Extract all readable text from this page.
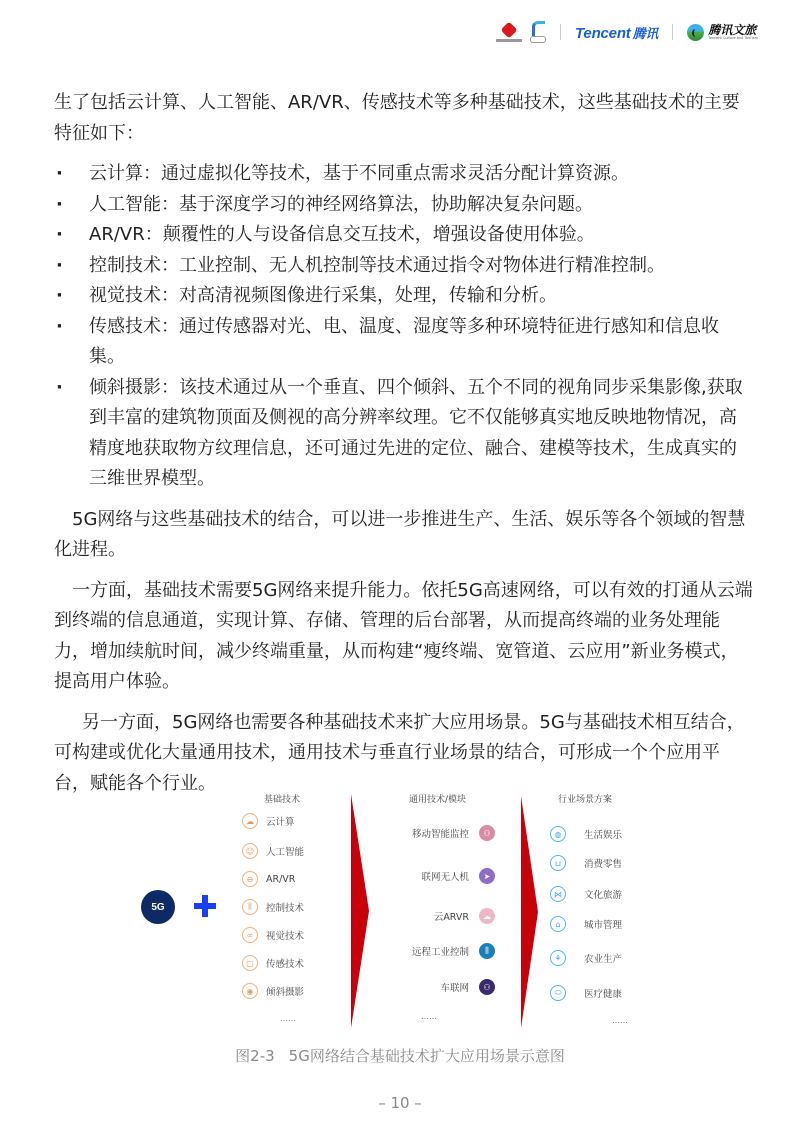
Tencent 腾讯	腾讯文旅
Tencent Culture and Tourism

生了包括云计算、人工智能、AR/VR、传感技术等多种基础技术，这些基础技术的主要特征如下：

· 云计算：通过虚拟化等技术，基于不同重点需求灵活分配计算资源。
· 人工智能：基于深度学习的神经网络算法，协助解决复杂问题。
· AR/VR：颠覆性的人与设备信息交互技术，增强设备使用体验。
· 控制技术：工业控制、无人机控制等技术通过指令对物体进行精准控制。
· 视觉技术：对高清视频图像进行采集，处理，传输和分析。
· 传感技术：通过传感器对光、电、温度、湿度等多种环境特征进行感知和信息收集。
· 倾斜摄影：该技术通过从一个垂直、四个倾斜、五个不同的视角同步采集影像,获取到丰富的建筑物顶面及侧视的高分辨率纹理。它不仅能够真实地反映地物情况，高精度地获取物方纹理信息，还可通过先进的定位、融合、建模等技术，生成真实的三维世界模型。

5G网络与这些基础技术的结合，可以进一步推进生产、生活、娱乐等各个领域的智慧化进程。

一方面，基础技术需要5G网络来提升能力。依托5G高速网络，可以有效的打通从云端到终端的信息通道，实现计算、存储、管理的后台部署，从而提高终端的业务处理能力，增加续航时间，减少终端重量，从而构建“瘦终端、宽管道、云应用”新业务模式，提高用户体验。

另一方面，5G网络也需要各种基础技术来扩大应用场景。5G与基础技术相互结合，可构建或优化大量通用技术，通用技术与垂直行业场景的结合，可形成一个个应用平台，赋能各个行业。

5G
基础技术
☁	云计算
☺	人工智能
⊖	AR/VR
⫼	控制技术
∞	视觉技术
▢	传感技术
◉	倾斜摄影
……
通用技术/模块
移动智能监控	⚇
联网无人机	➤
云ARVR	☁
远程工业控制	⫼
车联网	⚇
……
行业场景方案
◍	生活娱乐
⊔	消费零售
⋈	文化旅游
⌂	城市管理
⚘	农业生产
⬭	医疗健康
……
图2-3 5G网络结合基础技术扩大应用场景示意图
– 10 –
